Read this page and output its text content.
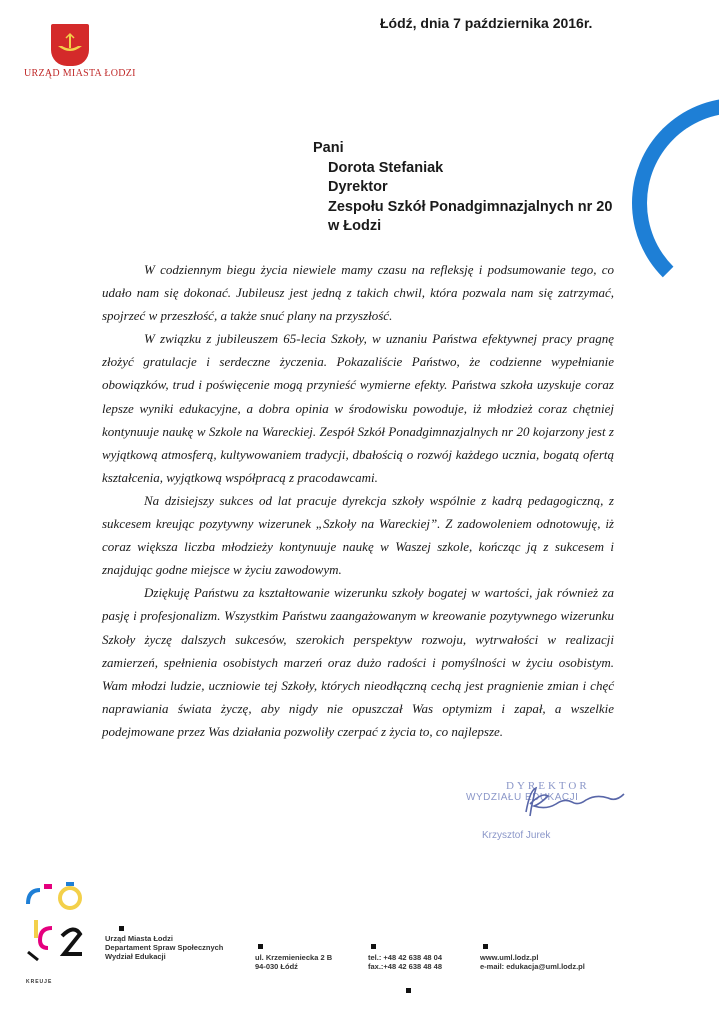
URZĄD MIASTA ŁODZI
Łódź, dnia 7 października 2016r.
Pani
Dorota Stefaniak
Dyrektor
Zespołu Szkół Ponadgimnazjalnych nr 20
w Łodzi

W codziennym biegu życia niewiele mamy czasu na refleksję i podsumowanie tego, co udało nam się dokonać. Jubileusz jest jedną z takich chwil, która pozwala nam się zatrzymać, spojrzeć w przeszłość, a także snuć plany na przyszłość.

W związku z jubileuszem 65-lecia Szkoły, w uznaniu Państwa efektywnej pracy pragnę złożyć gratulacje i serdeczne życzenia. Pokazaliście Państwo, że codzienne wypełnianie obowiązków, trud i poświęcenie mogą przynieść wymierne efekty. Państwa szkoła uzyskuje coraz lepsze wyniki edukacyjne, a dobra opinia w środowisku powoduje, iż młodzież coraz chętniej kontynuuje naukę w Szkole na Wareckiej. Zespół Szkół Ponadgimnazjalnych nr 20 kojarzony jest z wyjątkową atmosferą, kultywowaniem tradycji, dbałością o rozwój każdego ucznia, bogatą ofertą kształcenia, wyjątkową współpracą z pracodawcami.

Na dzisiejszy sukces od lat pracuje dyrekcja szkoły wspólnie z kadrą pedagogiczną, z sukcesem kreując pozytywny wizerunek „Szkoły na Wareckiej”. Z zadowoleniem odnotowuję, iż coraz większa liczba młodzieży kontynuuje naukę w Waszej szkole, kończąc ją z sukcesem i znajdując godne miejsce w życiu zawodowym.

Dziękuję Państwu za kształtowanie wizerunku szkoły bogatej w wartości, jak również za pasję i profesjonalizm. Wszystkim Państwu zaangażowanym w kreowanie pozytywnego wizerunku Szkoły życzę dalszych sukcesów, szerokich perspektyw rozwoju, wytrwałości w realizacji zamierzeń, spełnienia osobistych marzeń oraz dużo radości i pomyślności w życiu osobistym. Wam młodzi ludzie, uczniowie tej Szkoły, których nieodłączną cechą jest pragnienie zmian i chęć naprawiania świata życzę, aby nigdy nie opuszczał Was optymizm i zapał, a wszelkie podejmowane przez Was działania pozwoliły czerpać z życia to, co najlepsze.

DYREKTOR
WYDZIAŁU EDUKACJI
Krzysztof Jurek
KREUJE
Urząd Miasta Łodzi
Departament Spraw Społecznych
Wydział Edukacji	ul. Krzemieniecka 2 B
94-030 Łódź
tel.: +48 42 638 48 04
fax.:+48 42 638 48 48
www.uml.lodz.pl
e-mail: edukacja@uml.lodz.pl
